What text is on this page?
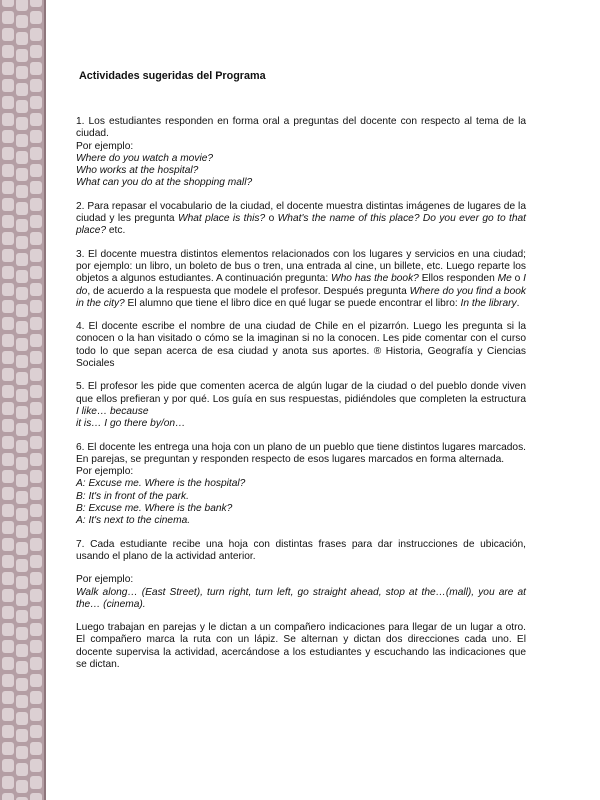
Actividades sugeridas del Programa

1. Los estudiantes responden en forma oral a preguntas del docente con respecto al tema de la ciudad.

Por ejemplo:

Where do you watch a movie?

Who works at the hospital?

What can you do at the shopping mall?

2. Para repasar el vocabulario de la ciudad, el docente muestra distintas imágenes de lugares de la ciudad y les pregunta What place is this? o What's the name of this place? Do you ever go to that place? etc.

3. El docente muestra distintos elementos relacionados con los lugares y servicios en una ciudad; por ejemplo: un libro, un boleto de bus o tren, una entrada al cine, un billete, etc. Luego reparte los objetos a algunos estudiantes. A continuación pregunta: Who has the book? Ellos responden Me o I do, de acuerdo a la respuesta que modele el profesor. Después pregunta Where do you find a book in the city? El alumno que tiene el libro dice en qué lugar se puede encontrar el libro: In the library.

4. El docente escribe el nombre de una ciudad de Chile en el pizarrón. Luego les pregunta si la conocen o la han visitado o cómo se la imaginan si no la conocen. Les pide comentar con el curso todo lo que sepan acerca de esa ciudad y anota sus aportes. ® Historia, Geografía y Ciencias Sociales

5. El profesor les pide que comenten acerca de algún lugar de la ciudad o del pueblo donde viven que ellos prefieran y por qué. Los guía en sus respuestas, pidiéndoles que completen la estructura I like… because

it is… I go there by/on…

6. El docente les entrega una hoja con un plano de un pueblo que tiene distintos lugares marcados. En parejas, se preguntan y responden respecto de esos lugares marcados en forma alternada.

Por ejemplo:

A: Excuse me. Where is the hospital?

B: It's in front of the park.

B: Excuse me. Where is the bank?

A: It's next to the cinema.

7. Cada estudiante recibe una hoja con distintas frases para dar instrucciones de ubicación, usando el plano de la actividad anterior.

Por ejemplo:

Walk along… (East Street), turn right, turn left, go straight ahead, stop at the…(mall), you are at the… (cinema).

Luego trabajan en parejas y le dictan a un compañero indicaciones para llegar de un lugar a otro. El compañero marca la ruta con un lápiz. Se alternan y dictan dos direcciones cada uno. El docente supervisa la actividad, acercándose a los estudiantes y escuchando las indicaciones que se dictan.
